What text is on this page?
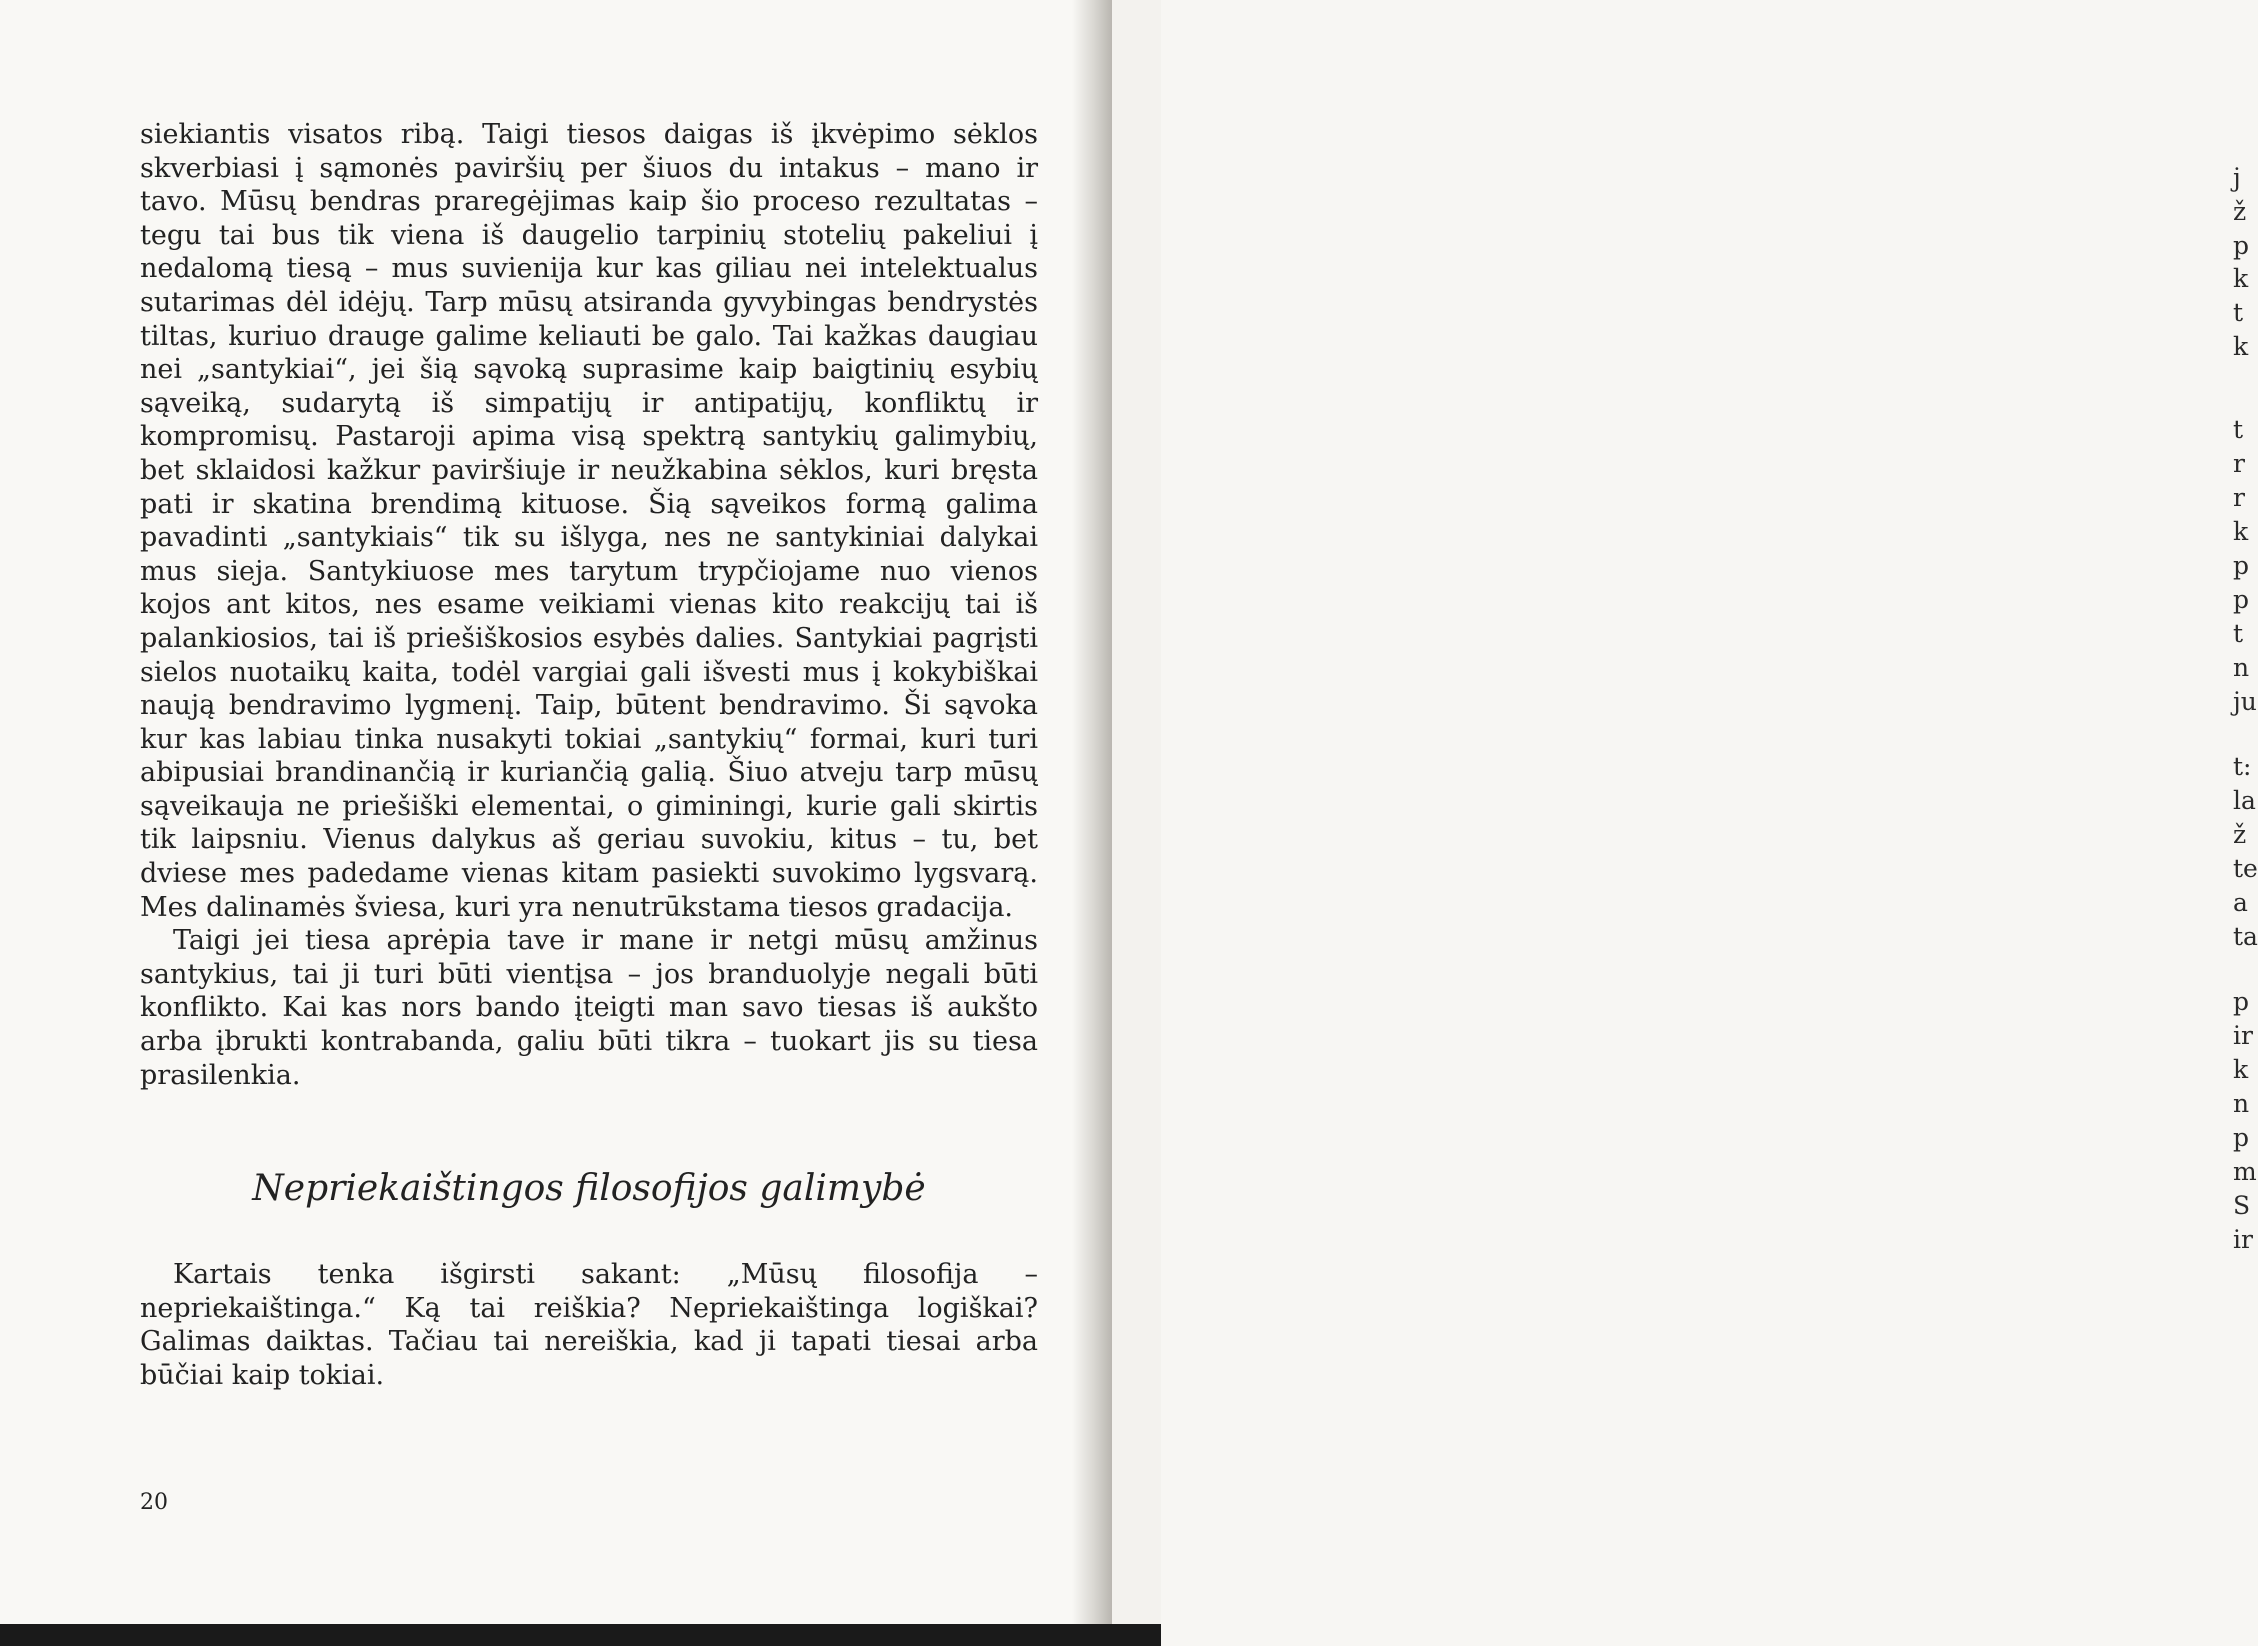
siekiantis visatos ribą. Taigi tiesos daigas iš įkvėpimo sėklos skverbiasi į sąmonės paviršių per šiuos du intakus – mano ir tavo. Mūsų bendras praregėjimas kaip šio proceso rezultatas – tegu tai bus tik viena iš daugelio tarpinių stotelių pakeliui į nedalomą tiesą – mus suvienija kur kas giliau nei intelektualus sutarimas dėl idėjų. Tarp mūsų atsiranda gyvybingas bendrystės tiltas, kuriuo drauge galime keliauti be galo. Tai kažkas daugiau nei „santykiai“, jei šią sąvoką suprasime kaip baigtinių esybių sąveiką, sudarytą iš simpatijų ir antipatijų, konfliktų ir kompromisų. Pastaroji apima visą spektrą santykių galimybių, bet sklaidosi kažkur paviršiuje ir neužkabina sėklos, kuri bręsta pati ir skatina brendimą kituose. Šią sąveikos formą galima pavadinti „santykiais“ tik su išlyga, nes ne santykiniai dalykai mus sieja. Santykiuose mes tarytum trypčiojame nuo vienos kojos ant kitos, nes esame veikiami vienas kito reakcijų tai iš palankiosios, tai iš priešiškosios esybės dalies. Santykiai pagrįsti sielos nuotaikų kaita, todėl vargiai gali išvesti mus į kokybiškai naują bendravimo lygmenį. Taip, būtent bendravimo. Ši sąvoka kur kas labiau tinka nusakyti tokiai „santykių“ formai, kuri turi abipusiai brandinančią ir kuriančią galią. Šiuo atveju tarp mūsų sąveikauja ne priešiški elementai, o giminingi, kurie gali skirtis tik laipsniu. Vienus dalykus aš geriau suvokiu, kitus – tu, bet dviese mes padedame vienas kitam pasiekti suvokimo lygsvarą. Mes dalinamės šviesa, kuri yra nenutrūkstama tiesos gradacija.

Taigi jei tiesa aprėpia tave ir mane ir netgi mūsų amžinus santykius, tai ji turi būti vientįsa – jos branduolyje negali būti konflikto. Kai kas nors bando įteigti man savo tiesas iš aukšto arba įbrukti kontrabanda, galiu būti tikra – tuokart jis su tiesa prasilenkia.

Nepriekaištingos filosofijos galimybė

Kartais tenka išgirsti sakant: „Mūsų filosofija – nepriekaištinga.“ Ką tai reiškia? Nepriekaištinga logiškai? Galimas daiktas. Tačiau tai nereiškia, kad ji tapati tiesai arba būčiai kaip tokiai.

20
j
ž
p
k
t
k
t
r
r
k
p
p
t
n
ju
t:
la
ž
te
a
ta
p
ir
k
n
p
m
S
ir
